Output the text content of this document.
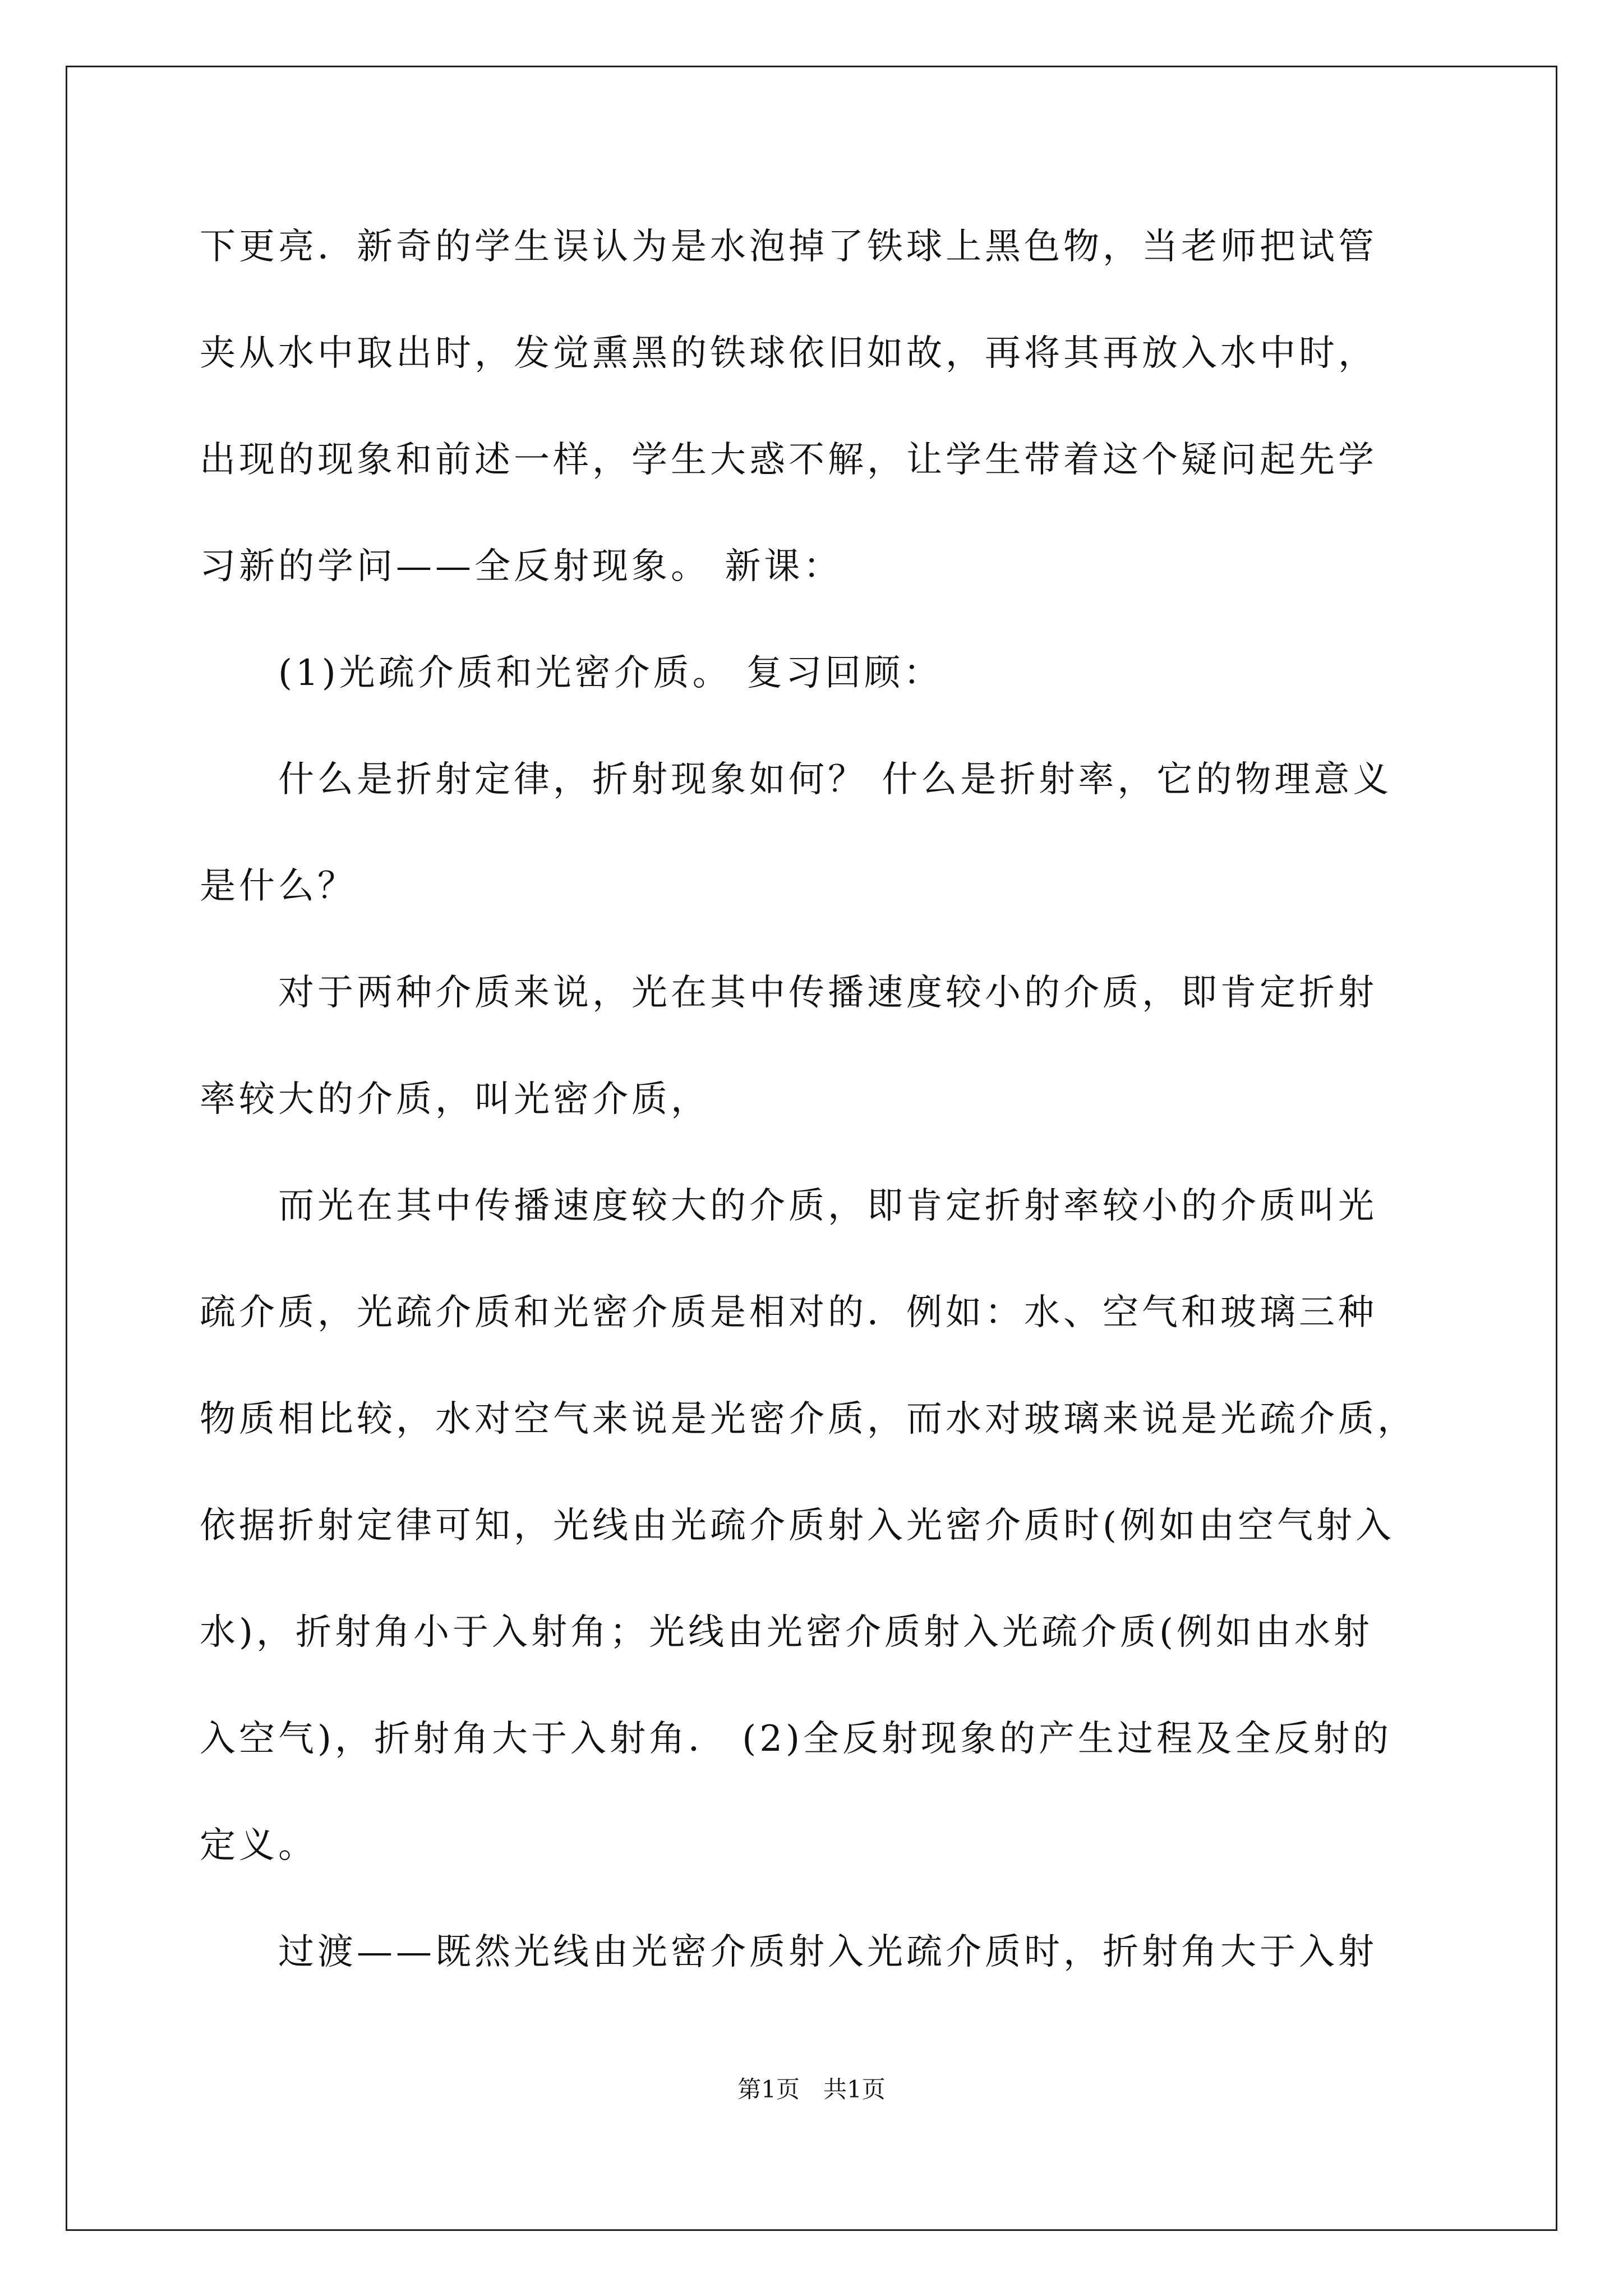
下更亮．新奇的学生误认为是水泡掉了铁球上黑色物，当老师把试管
夹从水中取出时，发觉熏黑的铁球依旧如故，再将其再放入水中时，
出现的现象和前述一样，学生大惑不解，让学生带着这个疑问起先学
习新的学问——全反射现象。 新课：
(1)光疏介质和光密介质。 复习回顾：
什么是折射定律，折射现象如何？ 什么是折射率，它的物理意义
是什么？
对于两种介质来说，光在其中传播速度较小的介质，即肯定折射
率较大的介质，叫光密介质，
而光在其中传播速度较大的介质，即肯定折射率较小的介质叫光
疏介质，光疏介质和光密介质是相对的．例如：水、空气和玻璃三种
物质相比较，水对空气来说是光密介质，而水对玻璃来说是光疏介质，
依据折射定律可知，光线由光疏介质射入光密介质时(例如由空气射入
水)，折射角小于入射角；光线由光密介质射入光疏介质(例如由水射
入空气)，折射角大于入射角． (2)全反射现象的产生过程及全反射的
定义。
过渡——既然光线由光密介质射入光疏介质时，折射角大于入射
第1页　共1页
